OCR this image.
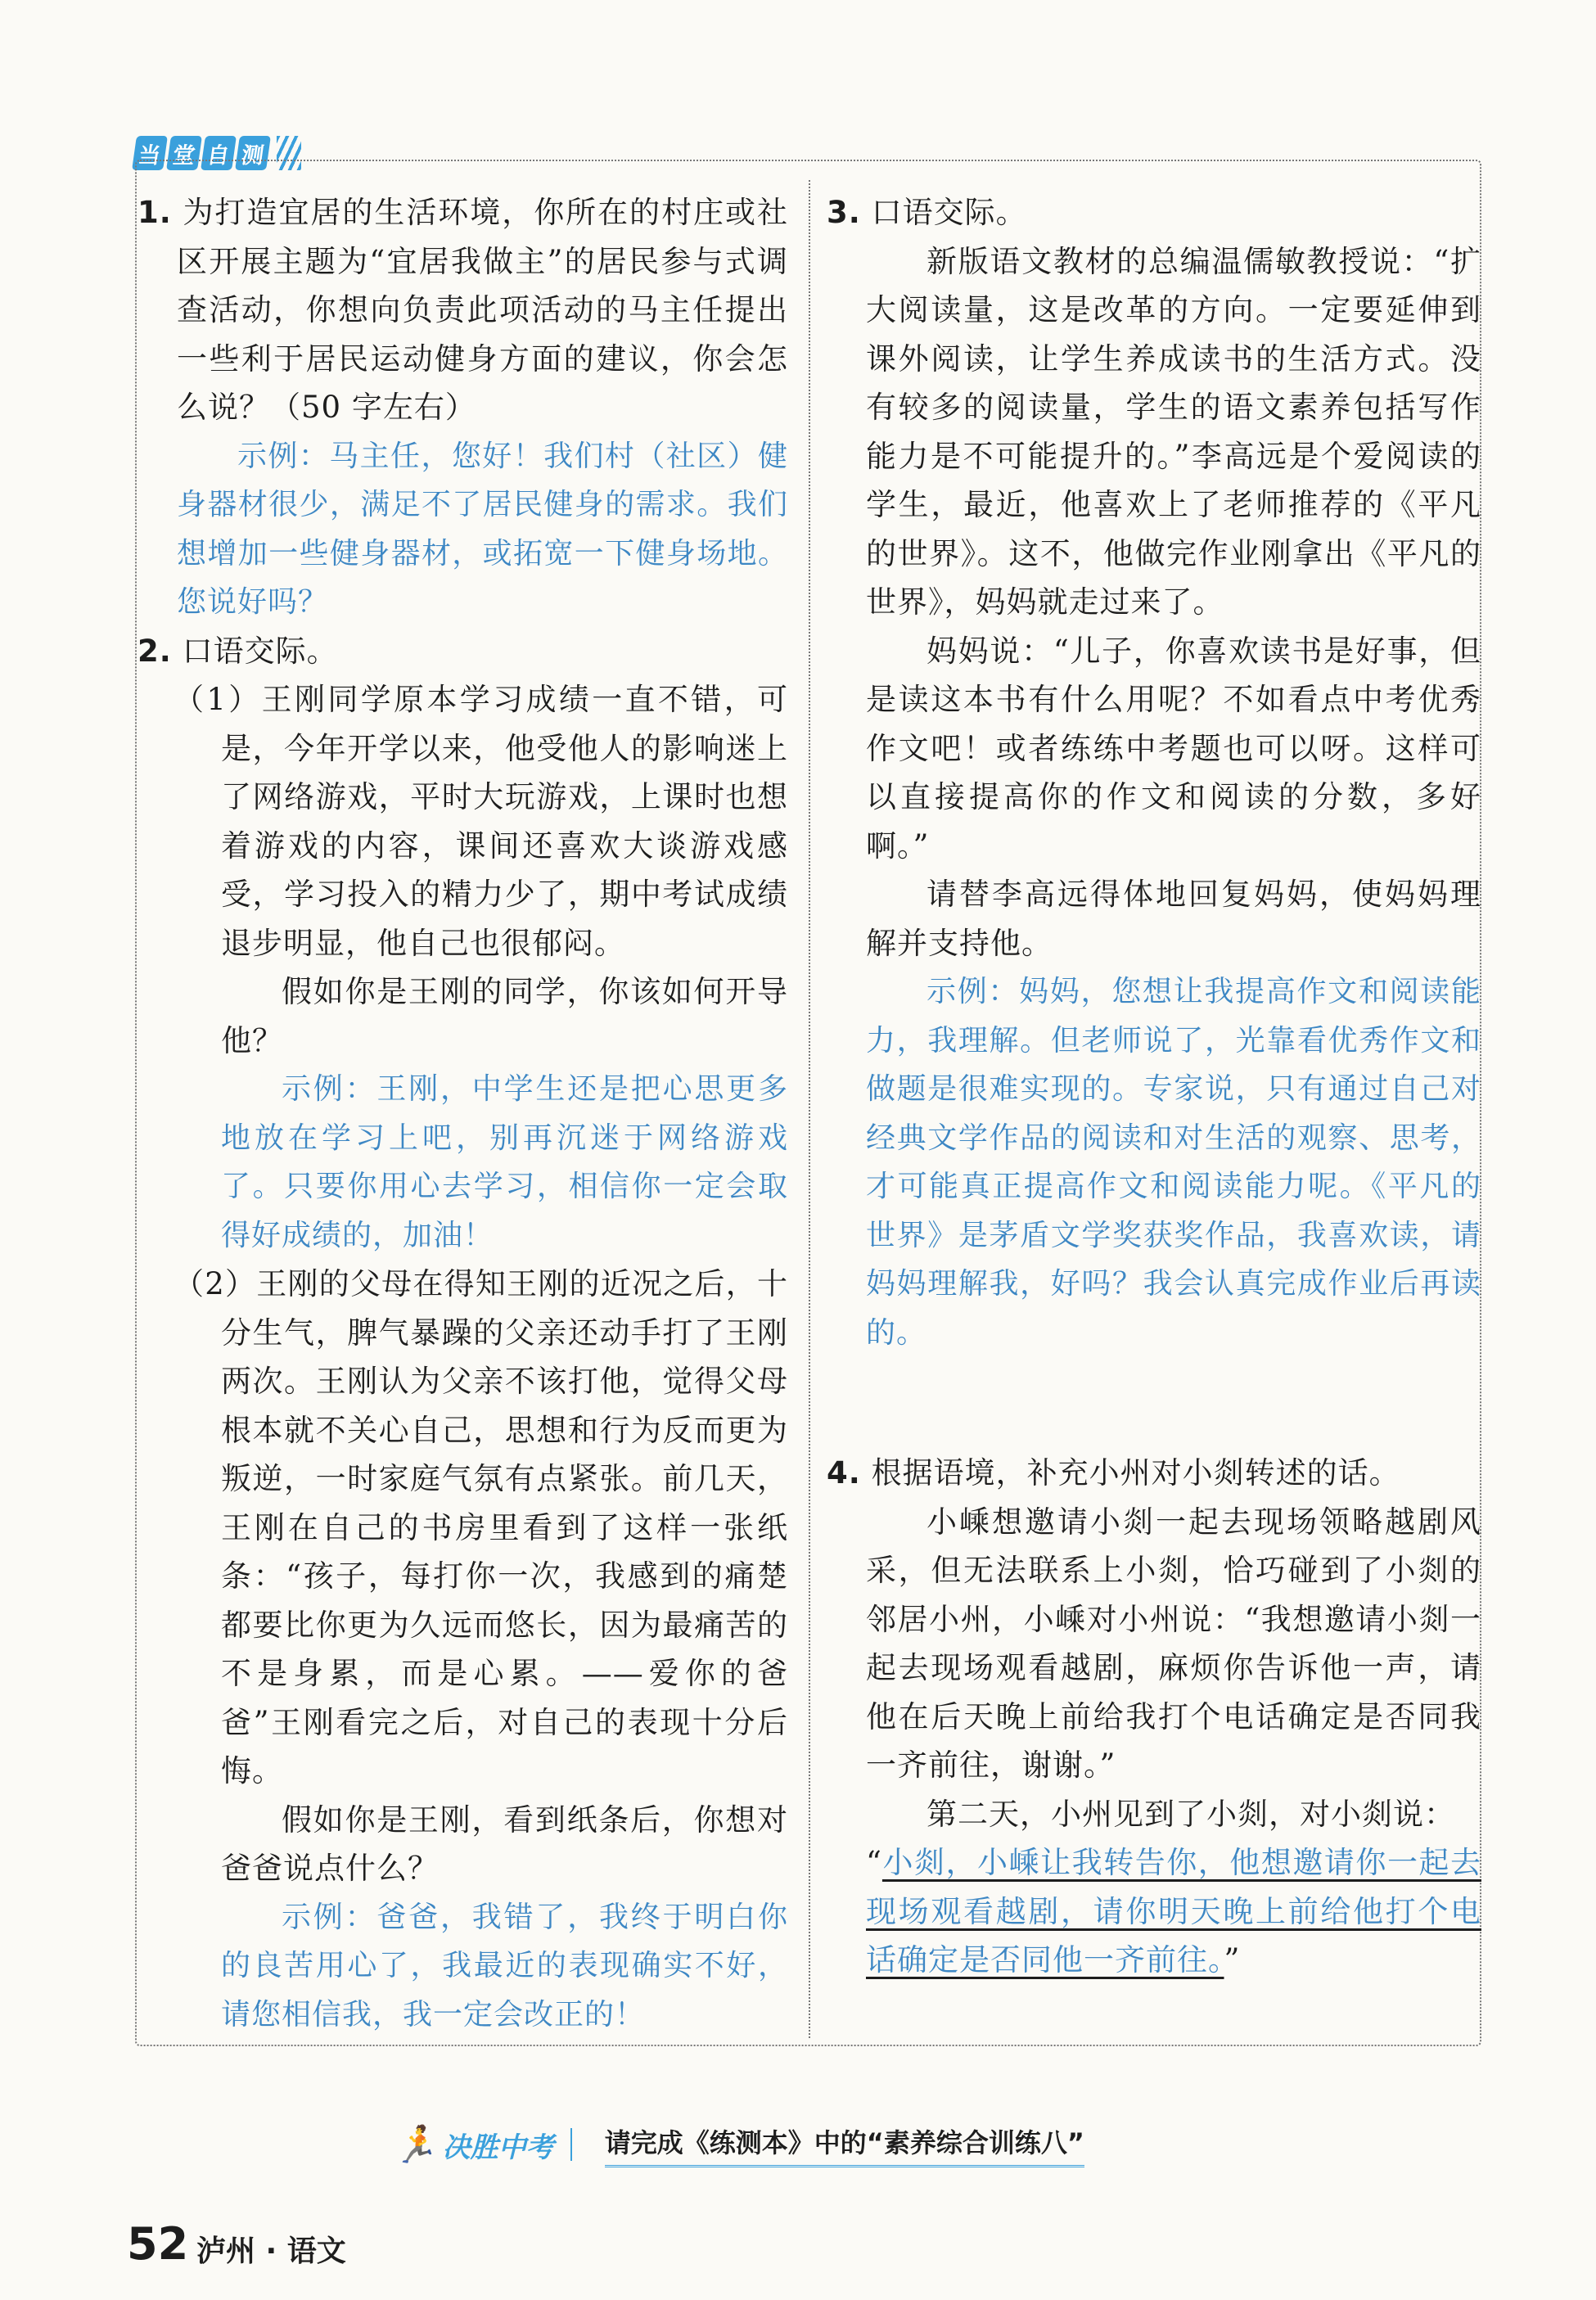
当 堂 自 测

1. 为打造宜居的生活环境，你所在的村庄或社区开展主题为“宜居我做主”的居民参与式调查活动，你想向负责此项活动的马主任提出一些利于居民运动健身方面的建议，你会怎么说？（50 字左右）

示例：马主任，您好！我们村（社区）健身器材很少，满足不了居民健身的需求。我们想增加一些健身器材，或拓宽一下健身场地。您说好吗？

2. 口语交际。

（1）王刚同学原本学习成绩一直不错，可是，今年开学以来，他受他人的影响迷上了网络游戏，平时大玩游戏，上课时也想着游戏的内容，课间还喜欢大谈游戏感受，学习投入的精力少了，期中考试成绩退步明显，他自己也很郁闷。

假如你是王刚的同学，你该如何开导他？

示例：王刚，中学生还是把心思更多地放在学习上吧，别再沉迷于网络游戏了。只要你用心去学习，相信你一定会取得好成绩的，加油！

（2）王刚的父母在得知王刚的近况之后，十分生气，脾气暴躁的父亲还动手打了王刚两次。王刚认为父亲不该打他，觉得父母根本就不关心自己，思想和行为反而更为叛逆，一时家庭气氛有点紧张。前几天，王刚在自己的书房里看到了这样一张纸条：“孩子，每打你一次，我感到的痛楚都要比你更为久远而悠长，因为最痛苦的不是身累，而是心累。——爱你的爸爸”王刚看完之后，对自己的表现十分后悔。

假如你是王刚，看到纸条后，你想对爸爸说点什么？

示例：爸爸，我错了，我终于明白你的良苦用心了，我最近的表现确实不好，请您相信我，我一定会改正的！

3. 口语交际。

新版语文教材的总编温儒敏教授说：“扩大阅读量，这是改革的方向。一定要延伸到课外阅读，让学生养成读书的生活方式。没有较多的阅读量，学生的语文素养包括写作能力是不可能提升的。”李高远是个爱阅读的学生，最近，他喜欢上了老师推荐的《平凡的世界》。这不，他做完作业刚拿出《平凡的世界》，妈妈就走过来了。

妈妈说：“儿子，你喜欢读书是好事，但是读这本书有什么用呢？不如看点中考优秀作文吧！或者练练中考题也可以呀。这样可以直接提高你的作文和阅读的分数，多好啊。”

请替李高远得体地回复妈妈，使妈妈理解并支持他。

示例：妈妈，您想让我提高作文和阅读能力，我理解。但老师说了，光靠看优秀作文和做题是很难实现的。专家说，只有通过自己对经典文学作品的阅读和对生活的观察、思考，才可能真正提高作文和阅读能力呢。《平凡的世界》是茅盾文学奖获奖作品，我喜欢读，请妈妈理解我，好吗？我会认真完成作业后再读的。

4. 根据语境，补充小州对小剡转述的话。

小嵊想邀请小剡一起去现场领略越剧风采，但无法联系上小剡，恰巧碰到了小剡的邻居小州，小嵊对小州说：“我想邀请小剡一起去现场观看越剧，麻烦你告诉他一声，请他在后天晚上前给我打个电话确定是否同我一齐前往，谢谢。”

第二天，小州见到了小剡，对小剡说：

“小剡，小嵊让我转告你，他想邀请你一起去现场观看越剧，请你明天晚上前给他打个电话确定是否同他一齐前往。”

🏃 决胜中考 请完成《练测本》中的“素养综合训练八”
52 泸州 · 语文
